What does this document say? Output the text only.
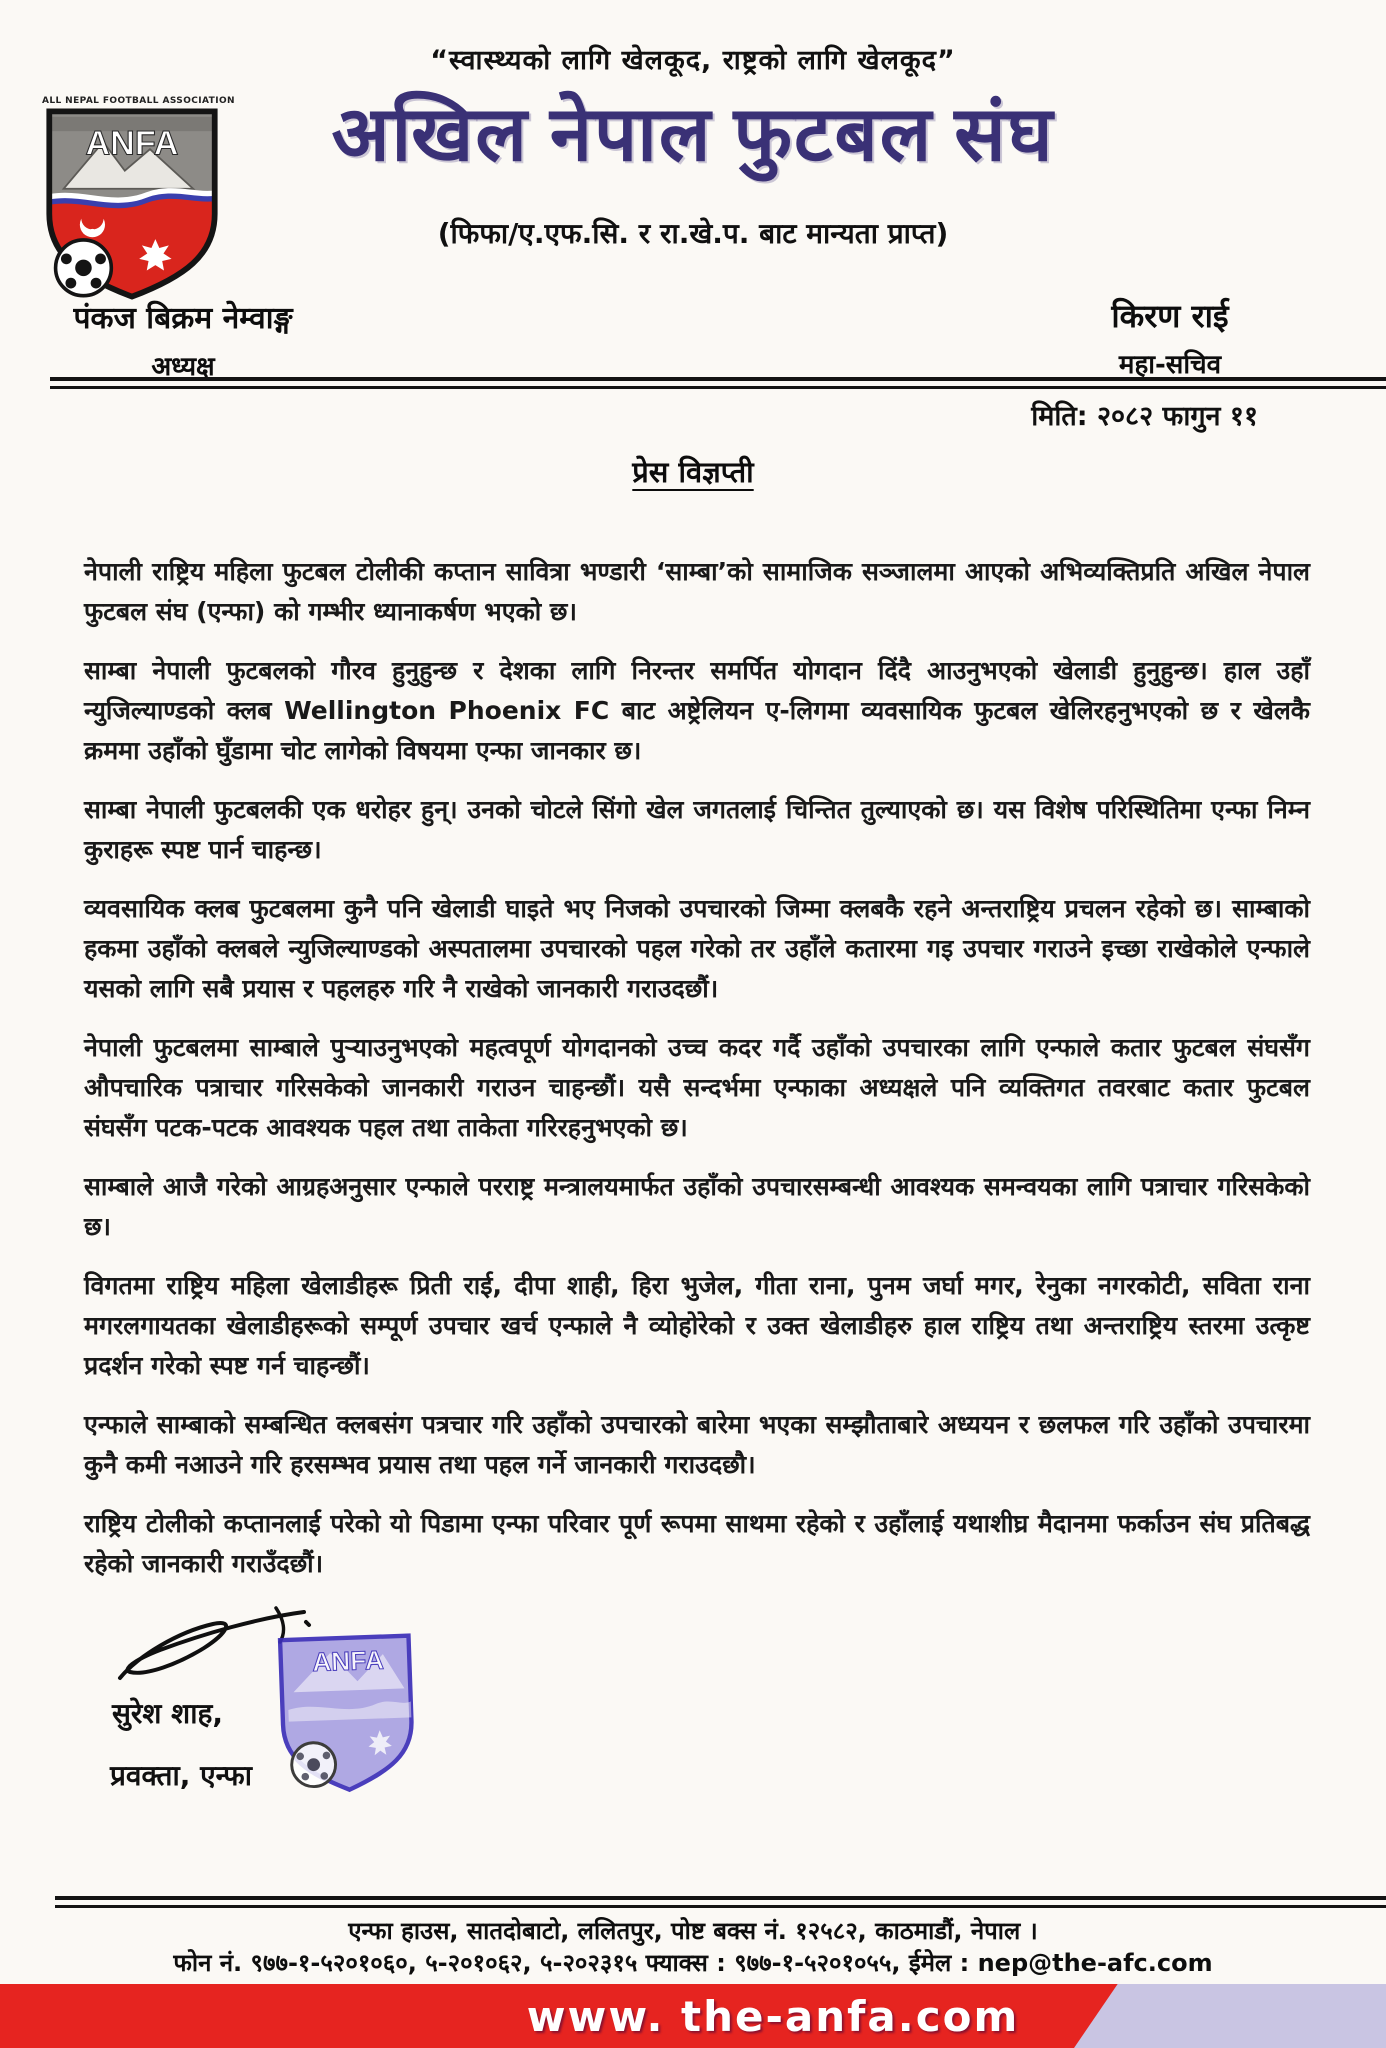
“स्वास्थ्यको लागि खेलकूद, राष्ट्रको लागि खेलकूद”
ALL NEPAL FOOTBALL ASSOCIATION
ANFA	अखिल नेपाल फुटबल संघ
(फिफा/ए.एफ.सि. र रा.खे.प. बाट मान्यता प्राप्त)
पंकज बिक्रम नेम्वाङ्ग
अध्यक्ष
किरण राई
महा-सचिव
मिति: २०८२ फागुन ११
प्रेस विज्ञप्ती

नेपाली राष्ट्रिय महिला फुटबल टोलीकी कप्तान सावित्रा भण्डारी ‘साम्बा’को सामाजिक सञ्जालमा आएको अभिव्यक्तिप्रति अखिल नेपाल फुटबल संघ (एन्फा) को गम्भीर ध्यानाकर्षण भएको छ।

साम्बा नेपाली फुटबलको गौरव हुनुहुन्छ र देशका लागि निरन्तर समर्पित योगदान दिंदै आउनुभएको खेलाडी हुनुहुन्छ। हाल उहाँ न्युजिल्याण्डको क्लब Wellington Phoenix FC बाट अष्ट्रेलियन ए-लिगमा व्यवसायिक फुटबल खेलिरहनुभएको छ र खेलकै क्रममा उहाँको घुँडामा चोट लागेको विषयमा एन्फा जानकार छ।

साम्बा नेपाली फुटबलकी एक धरोहर हुन्। उनको चोटले सिंगो खेल जगतलाई चिन्तित तुल्याएको छ। यस विशेष परिस्थितिमा एन्फा निम्न कुराहरू स्पष्ट पार्न चाहन्छ।

व्यवसायिक क्लब फुटबलमा कुनै पनि खेलाडी घाइते भए निजको उपचारको जिम्मा क्लबकै रहने अन्तराष्ट्रिय प्रचलन रहेको छ। साम्बाको हकमा उहाँको क्लबले न्युजिल्याण्डको अस्पतालमा उपचारको पहल गरेको तर उहाँले कतारमा गइ उपचार गराउने इच्छा राखेकोले एन्फाले यसको लागि सबै प्रयास र पहलहरु गरि नै राखेको जानकारी गराउदछौं।

नेपाली फुटबलमा साम्बाले पुऱ्याउनुभएको महत्वपूर्ण योगदानको उच्च कदर गर्दै उहाँको उपचारका लागि एन्फाले कतार फुटबल संघसँग औपचारिक पत्राचार गरिसकेको जानकारी गराउन चाहन्छौं। यसै सन्दर्भमा एन्फाका अध्यक्षले पनि व्यक्तिगत तवरबाट कतार फुटबल संघसँग पटक-पटक आवश्यक पहल तथा ताकेता गरिरहनुभएको छ।

साम्बाले आजै गरेको आग्रहअनुसार एन्फाले परराष्ट्र मन्त्रालयमार्फत उहाँको उपचारसम्बन्धी आवश्यक समन्वयका लागि पत्राचार गरिसकेको छ।

विगतमा राष्ट्रिय महिला खेलाडीहरू प्रिती राई, दीपा शाही, हिरा भुजेल, गीता राना, पुनम जर्घा मगर, रेनुका नगरकोटी, सविता राना मगरलगायतका खेलाडीहरूको सम्पूर्ण उपचार खर्च एन्फाले नै व्योहोरेको र उक्त खेलाडीहरु हाल राष्ट्रिय तथा अन्तराष्ट्रिय स्तरमा उत्कृष्ट प्रदर्शन गरेको स्पष्ट गर्न चाहन्छौं।

एन्फाले साम्बाको सम्बन्धित क्लबसंग पत्रचार गरि उहाँको उपचारको बारेमा भएका सम्झौताबारे अध्ययन र छलफल गरि उहाँको उपचारमा कुनै कमी नआउने गरि हरसम्भव प्रयास तथा पहल गर्ने जानकारी गराउदछौ।

राष्ट्रिय टोलीको कप्तानलाई परेको यो पिडामा एन्फा परिवार पूर्ण रूपमा साथमा रहेको र उहाँलाई यथाशीघ्र मैदानमा फर्काउन संघ प्रतिबद्ध रहेको जानकारी गराउँदछौं।

सुरेश शाह,
प्रवक्ता, एन्फा
ANFA
एन्फा हाउस, सातदोबाटो, ललितपुर, पोष्ट बक्स नं. १२५८२, काठमाडौं, नेपाल ।
फोन नं. ९७७-१-५२०१०६०, ५-२०१०६२, ५-२०२३१५ फ्याक्स : ९७७-१-५२०१०५५, ईमेल : nep@the-afc.com
www. the-anfa.com
